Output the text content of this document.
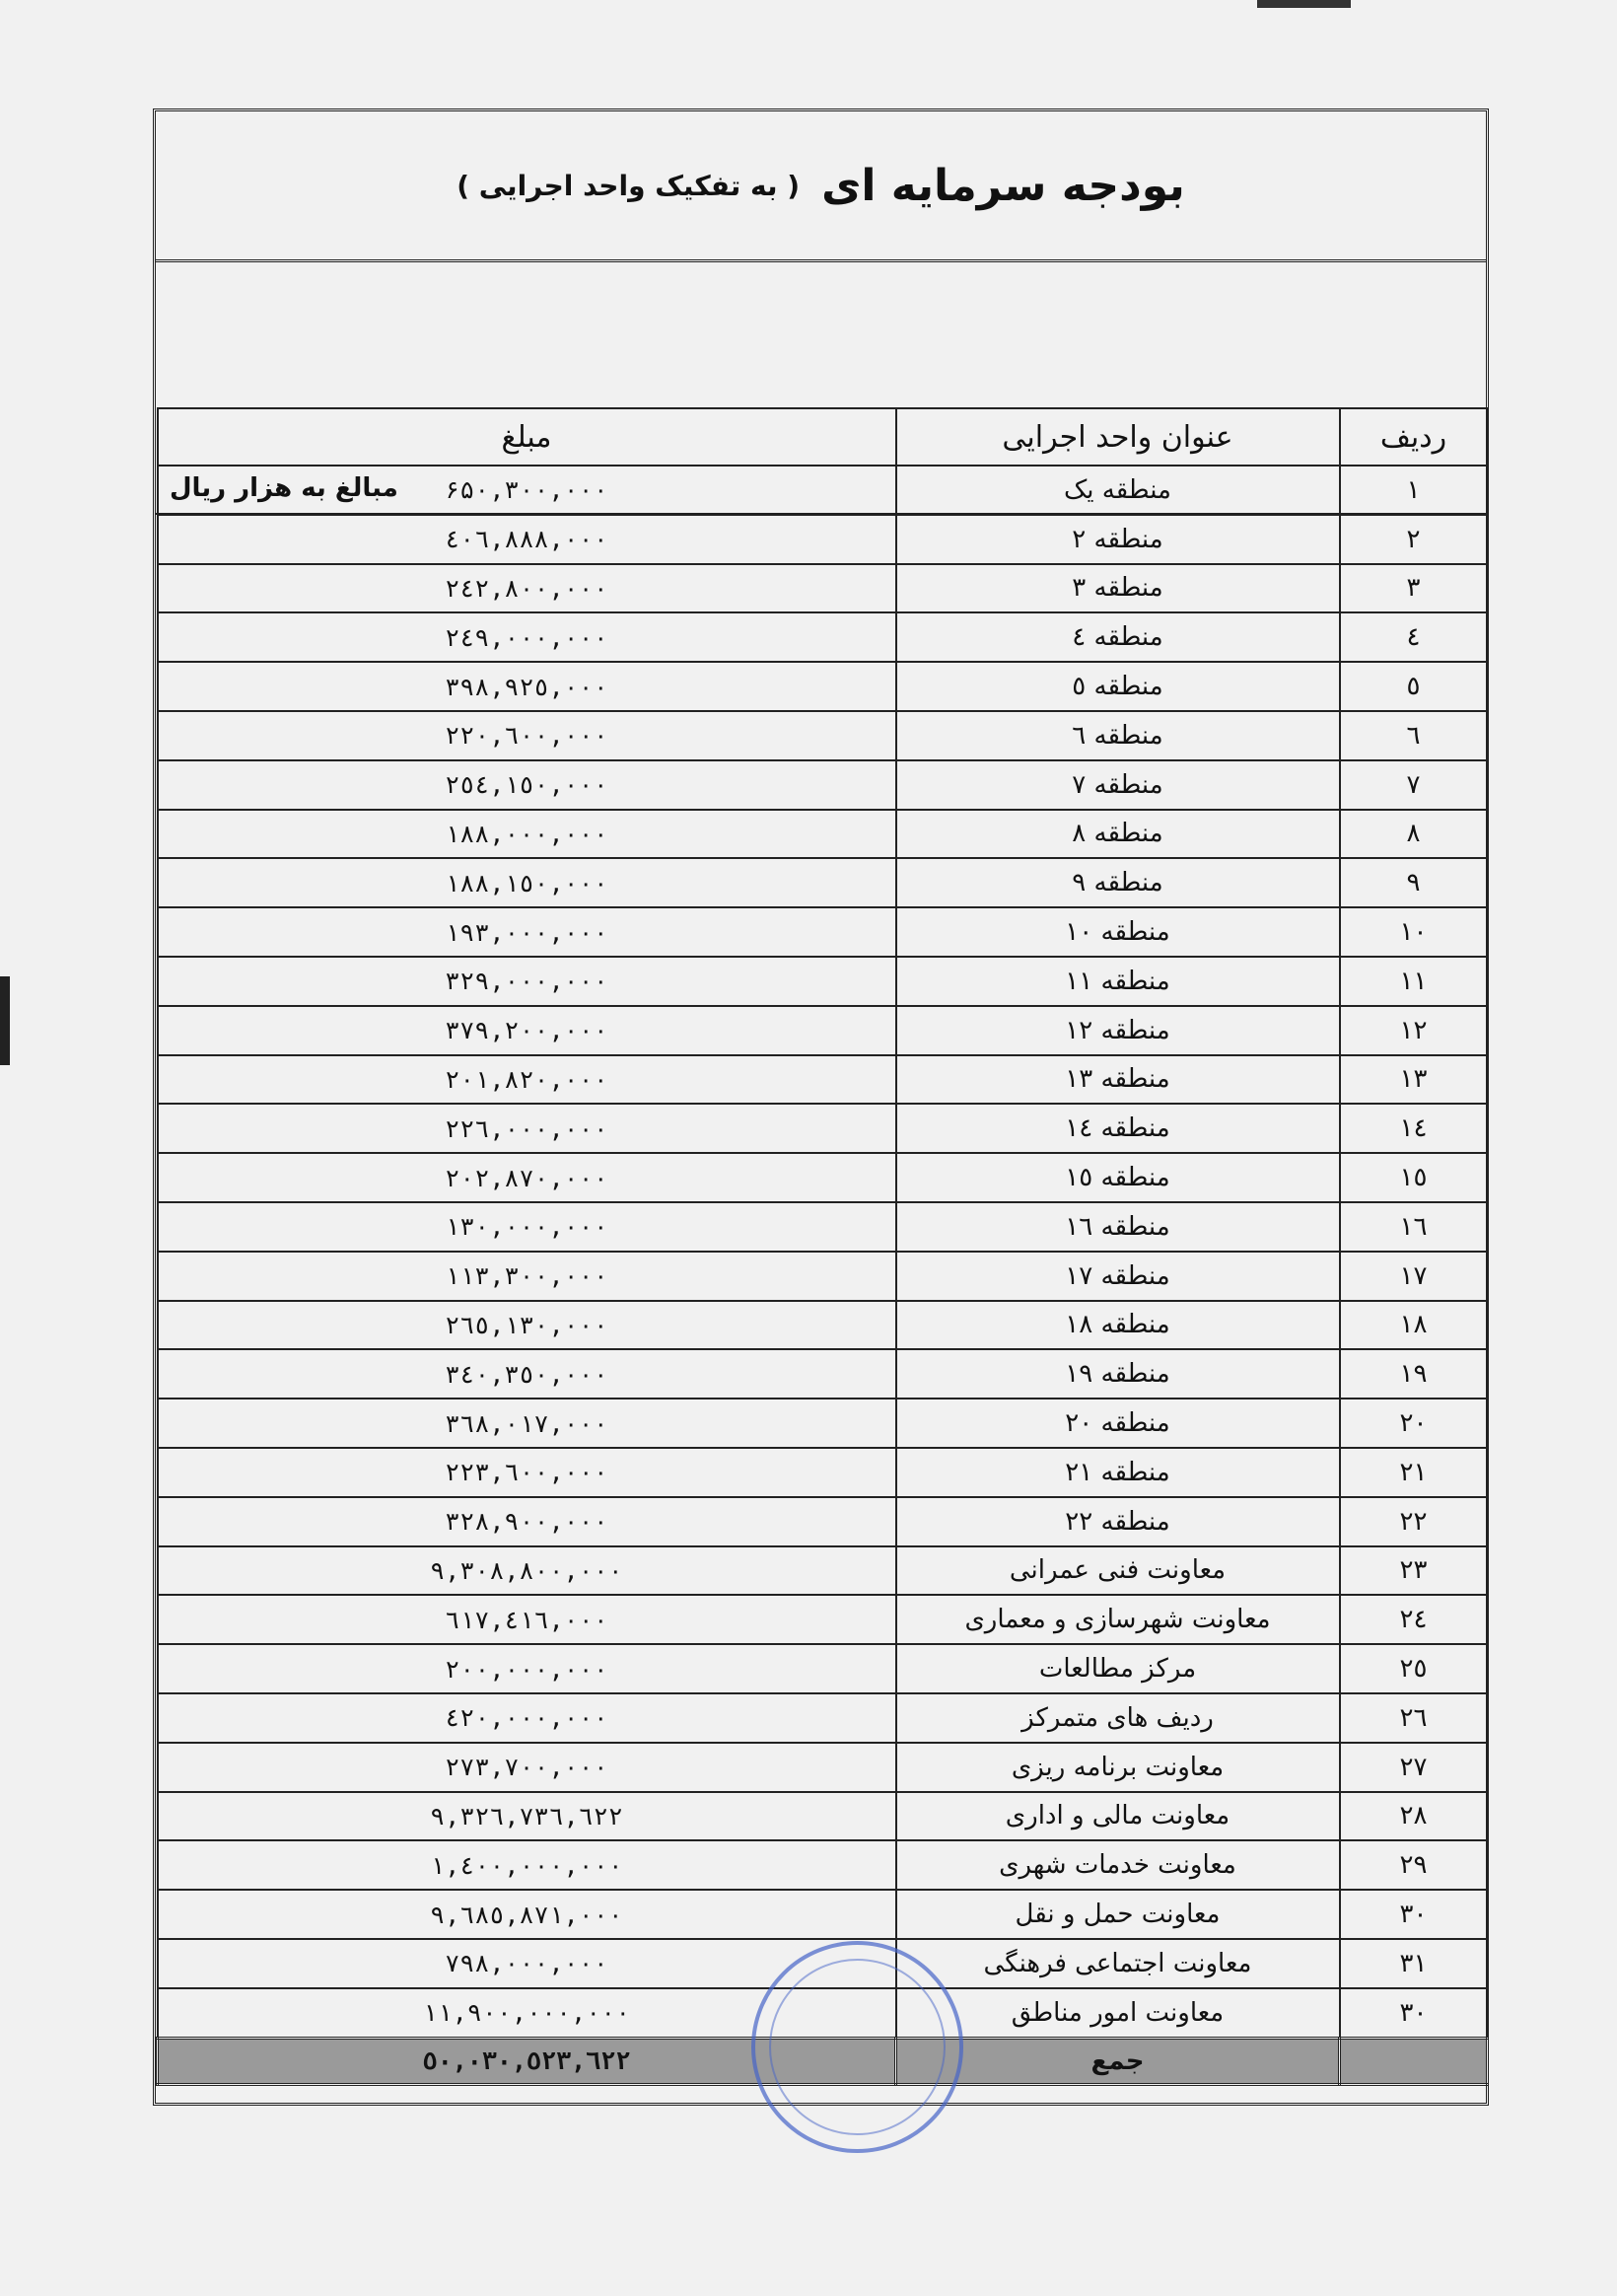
بودجه سرمایه ای
( به تفکیک واحد اجرایی )
مبالغ به هزار ریال
ردیف	عنوان واحد اجرایی	مبلغ
۱	منطقه یک	۶۵۰,۳۰۰,۰۰۰
۲	منطقه ۲	٤۰٦,۸۸۸,۰۰۰
۳	منطقه ۳	٢٤٢,۸۰۰,۰۰۰
٤	منطقه ٤	٢٤٩,۰۰۰,۰۰۰
٥	منطقه ٥	۳۹۸,۹٢٥,۰۰۰
٦	منطقه ٦	٢٢۰,٦۰۰,۰۰۰
۷	منطقه ۷	٢٥٤,۱٥۰,۰۰۰
۸	منطقه ۸	۱۸۸,۰۰۰,۰۰۰
۹	منطقه ۹	۱۸۸,۱٥۰,۰۰۰
۱۰	منطقه ۱۰	۱۹۳,۰۰۰,۰۰۰
۱۱	منطقه ۱۱	۳٢۹,۰۰۰,۰۰۰
۱٢	منطقه ۱٢	۳۷۹,٢۰۰,۰۰۰
۱۳	منطقه ۱۳	٢۰۱,۸٢۰,۰۰۰
۱٤	منطقه ۱٤	٢٢٦,۰۰۰,۰۰۰
۱٥	منطقه ۱٥	٢۰٢,۸۷۰,۰۰۰
۱٦	منطقه ۱٦	۱۳۰,۰۰۰,۰۰۰
۱۷	منطقه ۱۷	۱۱۳,۳۰۰,۰۰۰
۱۸	منطقه ۱۸	٢٦٥,۱۳۰,۰۰۰
۱۹	منطقه ۱۹	۳٤۰,۳٥۰,۰۰۰
٢۰	منطقه ٢۰	۳٦۸,۰۱۷,۰۰۰
٢۱	منطقه ٢۱	٢٢۳,٦۰۰,۰۰۰
٢٢	منطقه ٢٢	۳٢۸,۹۰۰,۰۰۰
٢۳	معاونت فنی عمرانی	۹,۳۰۸,۸۰۰,۰۰۰
٢٤	معاونت شهرسازی و معماری	٦۱۷,٤۱٦,۰۰۰
٢٥	مرکز مطالعات	٢۰۰,۰۰۰,۰۰۰
٢٦	ردیف های متمرکز	٤٢۰,۰۰۰,۰۰۰
٢۷	معاونت برنامه ریزی	٢۷۳,۷۰۰,۰۰۰
٢۸	معاونت مالی و اداری	۹,۳٢٦,۷۳٦,٦٢٢
٢۹	معاونت خدمات شهری	۱,٤۰۰,۰۰۰,۰۰۰
۳۰	معاونت حمل و نقل	۹,٦۸٥,۸۷۱,۰۰۰
۳۱	معاونت اجتماعی فرهنگی	۷۹۸,۰۰۰,۰۰۰
۳۰	معاونت امور مناطق	۱۱,۹۰۰,۰۰۰,۰۰۰
	جمع	٥۰,۰۳۰,٥٢۳,٦٢٢
